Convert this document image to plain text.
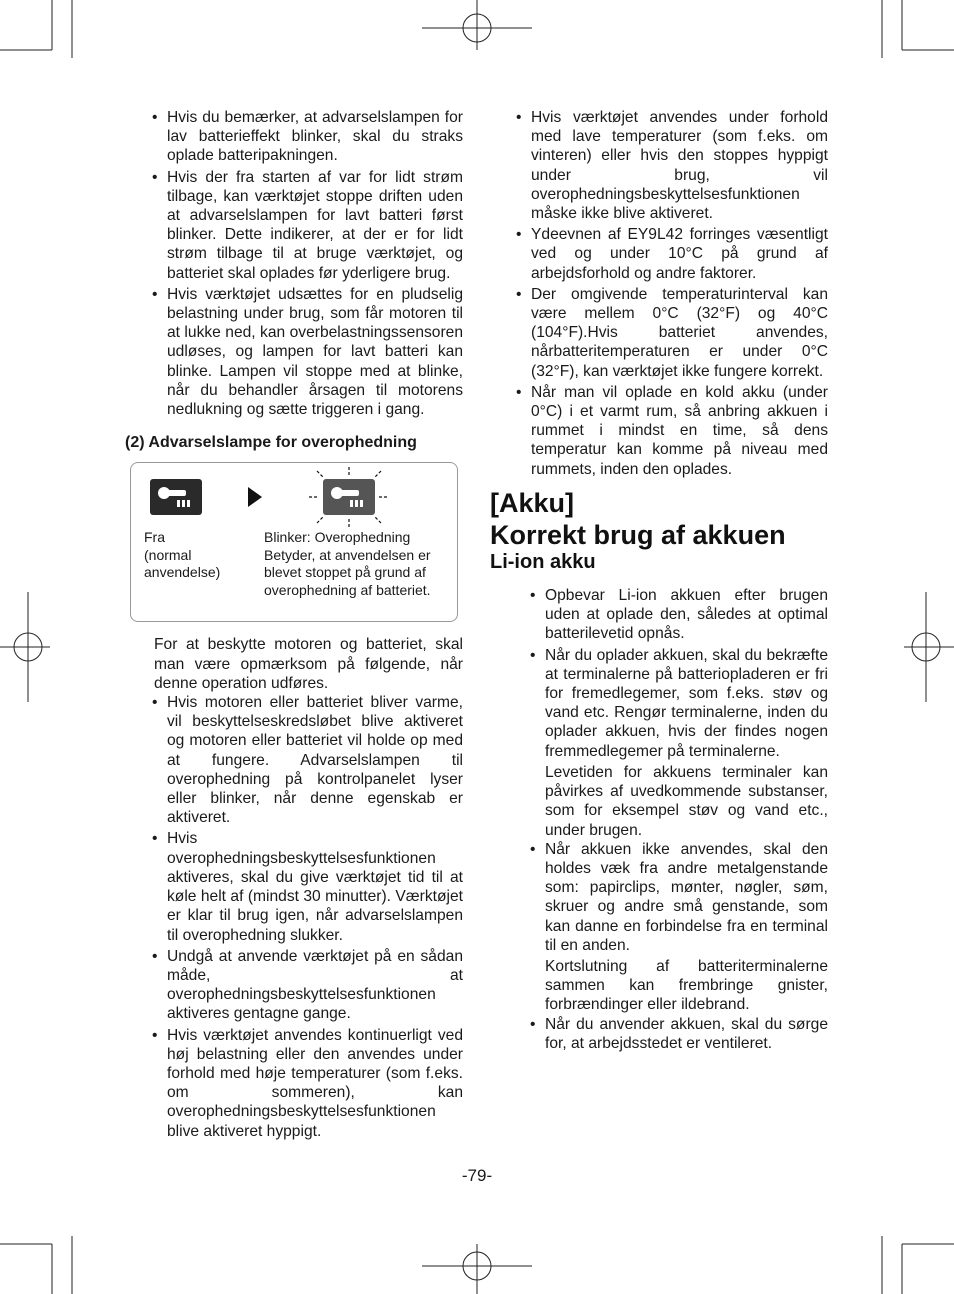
• Hvis du bemærker, at advarselslampen for lav batterieffekt blinker, skal du straks oplade batteripakningen.
• Hvis der fra starten af var for lidt strøm tilbage, kan værktøjet stoppe driften uden at advarselslampen for lavt batteri først blinker. Dette indikerer, at der er for lidt strøm tilbage til at bruge værktøjet, og batteriet skal oplades før yderligere brug.
• Hvis værktøjet udsættes for en pludselig belastning under brug, som får motoren til at lukke ned, kan overbelastningssensoren udløses, og lampen for lavt batteri kan blinke. Lampen vil stoppe med at blinke, når du behandler årsagen til motorens nedlukning og sætte triggeren i gang.
(2) Advarselslampe for overophedning
Fra
(normal anvendelse)
Blinker: Overophedning
Betyder, at anvendelsen er blevet stoppet på grund af overophedning af batteriet.
For at beskytte motoren og batteriet, skal man være opmærksom på følgende, når denne operation udføres.
• Hvis motoren eller batteriet bliver varme, vil beskyttelseskredsløbet blive aktiveret og motoren eller batteriet vil holde op med at fungere. Advarselslampen til overophedning på kontrolpanelet lyser eller blinker, når denne egenskab er aktiveret.
• Hvis overophedningsbeskyttelsesfunktionen aktiveres, skal du give værktøjet tid til at køle helt af (mindst 30 minutter). Værktøjet er klar til brug igen, når advarselslampen til overophedning slukker.
• Undgå at anvende værktøjet på en sådan måde, at overophedningsbeskyttelsesfunktionen aktiveres gentagne gange.
• Hvis værktøjet anvendes kontinuerligt ved høj belastning eller den anvendes under forhold med høje temperaturer (som f.eks. om sommeren), kan overophedningsbeskyttelsesfunktionen blive aktiveret hyppigt.
• Hvis værktøjet anvendes under forhold med lave temperaturer (som f.eks. om vinteren) eller hvis den stoppes hyppigt under brug, vil overophedningsbeskyttelsesfunktionen måske ikke blive aktiveret.
• Ydeevnen af EY9L42 forringes væsentligt ved og under 10°C på grund af arbejdsforhold og andre faktorer.
• Der omgivende temperaturinterval kan være mellem 0°C (32°F) og 40°C (104°F).Hvis batteriet anvendes, nårbatteritemperaturen er under 0°C (32°F), kan værktøjet ikke fungere korrekt.
• Når man vil oplade en kold akku (under 0°C) i et varmt rum, så anbring akkuen i rummet i mindst en time, så dens temperatur kan komme på niveau med rummets, inden den oplades.
[Akku]
Korrekt brug af akkuen
Li-ion akku
• Opbevar Li-ion akkuen efter brugen uden at oplade den, således at optimal batterilevetid opnås.
• Når du oplader akkuen, skal du bekræfte at terminalerne på batteriopladeren er fri for fremedlegemer, som f.eks. støv og vand etc. Rengør terminalerne, inden du oplader akkuen, hvis der findes nogen fremmedlegemer på terminalerne.
Levetiden for akkuens terminaler kan påvirkes af uvedkommende substanser, som for eksempel støv og vand etc., under brugen.
• Når akkuen ikke anvendes, skal den holdes væk fra andre metalgenstande som: papirclips, mønter, nøgler, søm, skruer og andre små genstande, som kan danne en forbindelse fra en terminal til en anden.
Kortslutning af batteriterminalerne sammen kan frembringe gnister, forbrændinger eller ildebrand.
• Når du anvender akkuen, skal du sørge for, at arbejdsstedet er ventileret.
-79-
